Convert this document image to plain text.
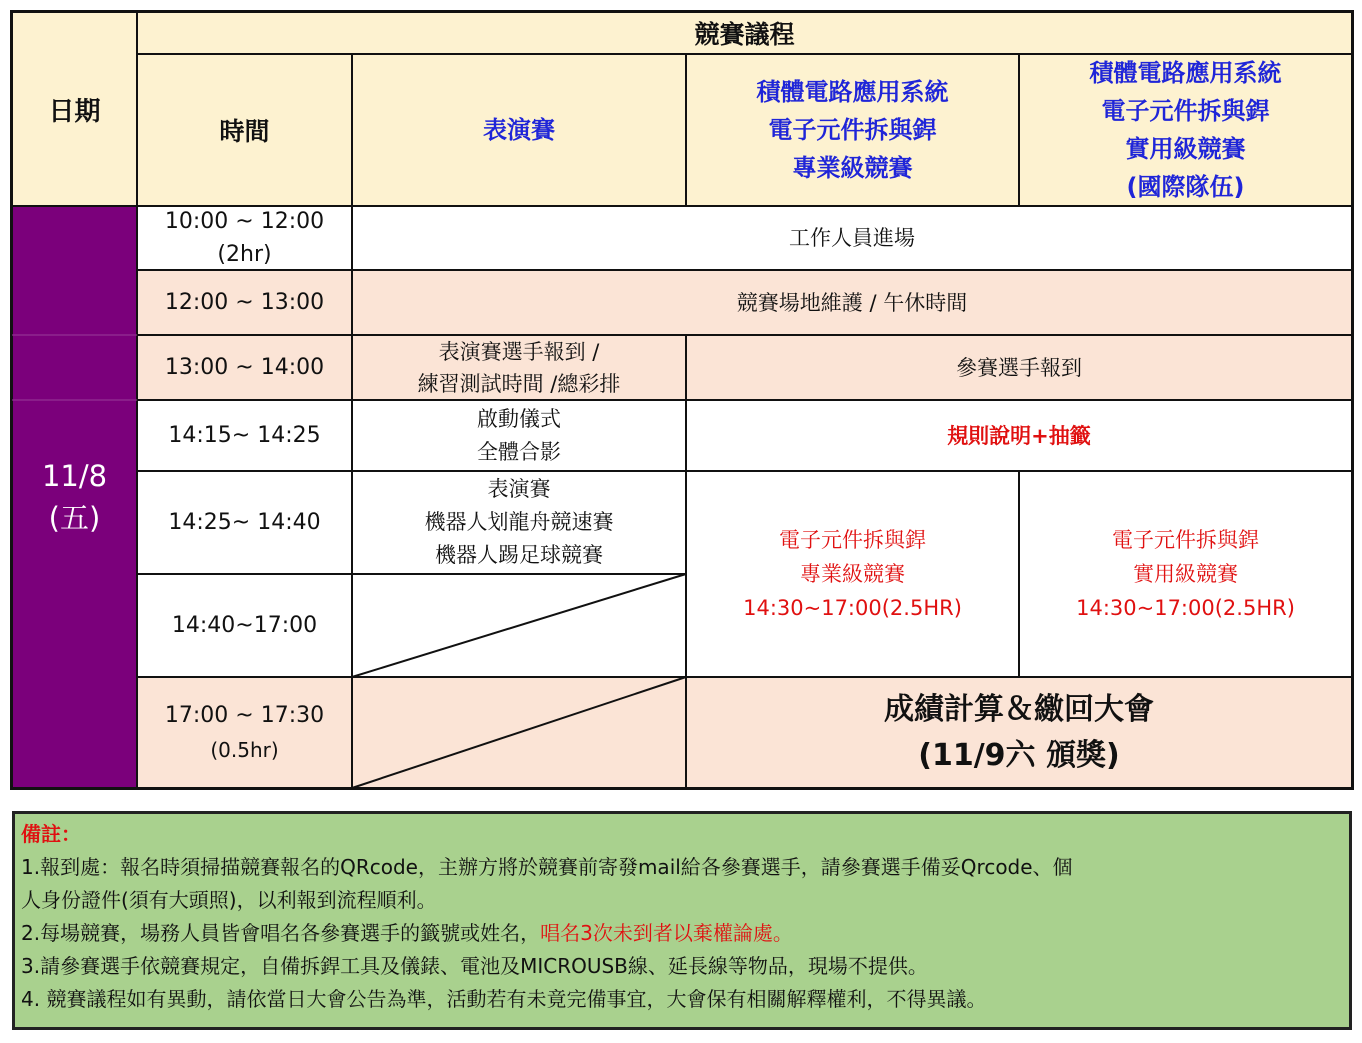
日期
競賽議程
時間	表演賽
積體電路應用系統
電子元件拆與銲
專業級競賽
積體電路應用系統
電子元件拆與銲
實用級競賽
(國際隊伍)
11/8
(五)
10:00 ~ 12:00
(2hr)
工作人員進場
12:00 ~ 13:00	競賽場地維護 / 午休時間
13:00 ~ 14:00
表演賽選手報到 /
練習測試時間 /總彩排
參賽選手報到
14:15~ 14:25
啟動儀式
全體合影
規則說明+抽籤
14:25~ 14:40
表演賽
機器人划龍舟競速賽
機器人踢足球競賽
14:40~17:00
電子元件拆與銲
專業級競賽
14:30~17:00(2.5HR)
電子元件拆與銲
實用級競賽
14:30~17:00(2.5HR)
17:00 ~ 17:30
(0.5hr)
成績計算＆繳回大會
(11/9六 頒獎)

備註：

1.報到處：報名時須掃描競賽報名的QRcode，主辦方將於競賽前寄發mail給各參賽選手，請參賽選手備妥Qrcode、個

人身份證件(須有大頭照)，以利報到流程順利。

2.每場競賽，場務人員皆會唱名各參賽選手的籤號或姓名，唱名3次未到者以棄權論處。

3.請參賽選手依競賽規定，自備拆銲工具及儀錶、電池及MICROUSB線、延長線等物品，現場不提供。

4. 競賽議程如有異動，請依當日大會公告為準，活動若有未竟完備事宜，大會保有相關解釋權利，不得異議。
